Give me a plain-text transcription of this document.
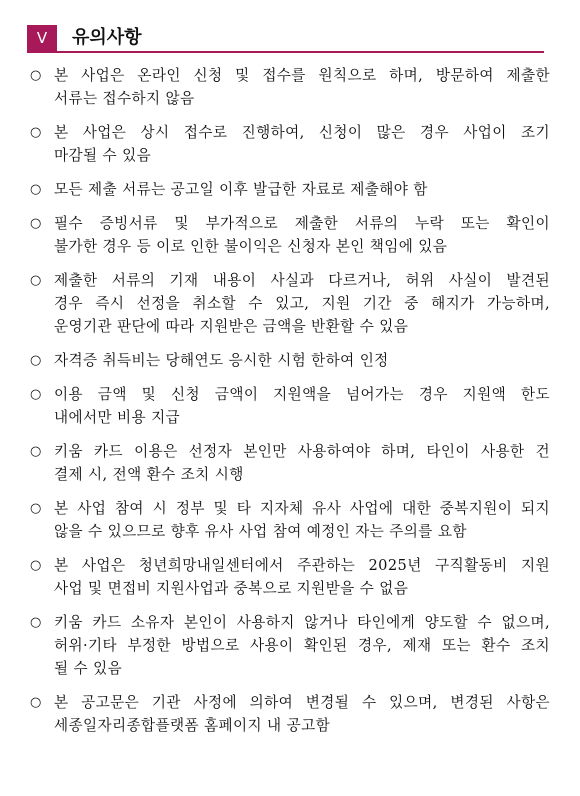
V	유의사항
○ 본 사업은 온라인 신청 및 접수를 원칙으로 하며, 방문하여 제출한
서류는 접수하지 않음
○ 본 사업은 상시 접수로 진행하여, 신청이 많은 경우 사업이 조기
마감될 수 있음
○ 모든 제출 서류는 공고일 이후 발급한 자료로 제출해야 함
○ 필수 증빙서류 및 부가적으로 제출한 서류의 누락 또는 확인이
불가한 경우 등 이로 인한 불이익은 신청자 본인 책임에 있음
○ 제출한 서류의 기재 내용이 사실과 다르거나, 허위 사실이 발견된
경우 즉시 선정을 취소할 수 있고, 지원 기간 중 해지가 가능하며,
운영기관 판단에 따라 지원받은 금액을 반환할 수 있음
○ 자격증 취득비는 당해연도 응시한 시험 한하여 인정
○ 이용 금액 및 신청 금액이 지원액을 넘어가는 경우 지원액 한도
내에서만 비용 지급
○ 키움 카드 이용은 선정자 본인만 사용하여야 하며, 타인이 사용한 건
결제 시, 전액 환수 조치 시행
○ 본 사업 참여 시 정부 및 타 지자체 유사 사업에 대한 중복지원이 되지
않을 수 있으므로 향후 유사 사업 참여 예정인 자는 주의를 요함
○ 본 사업은 청년희망내일센터에서 주관하는 2025년 구직활동비 지원
사업 및 면접비 지원사업과 중복으로 지원받을 수 없음
○ 키움 카드 소유자 본인이 사용하지 않거나 타인에게 양도할 수 없으며,
허위·기타 부정한 방법으로 사용이 확인된 경우, 제재 또는 환수 조치
될 수 있음
○ 본 공고문은 기관 사정에 의하여 변경될 수 있으며, 변경된 사항은
세종일자리종합플랫폼 홈페이지 내 공고함
